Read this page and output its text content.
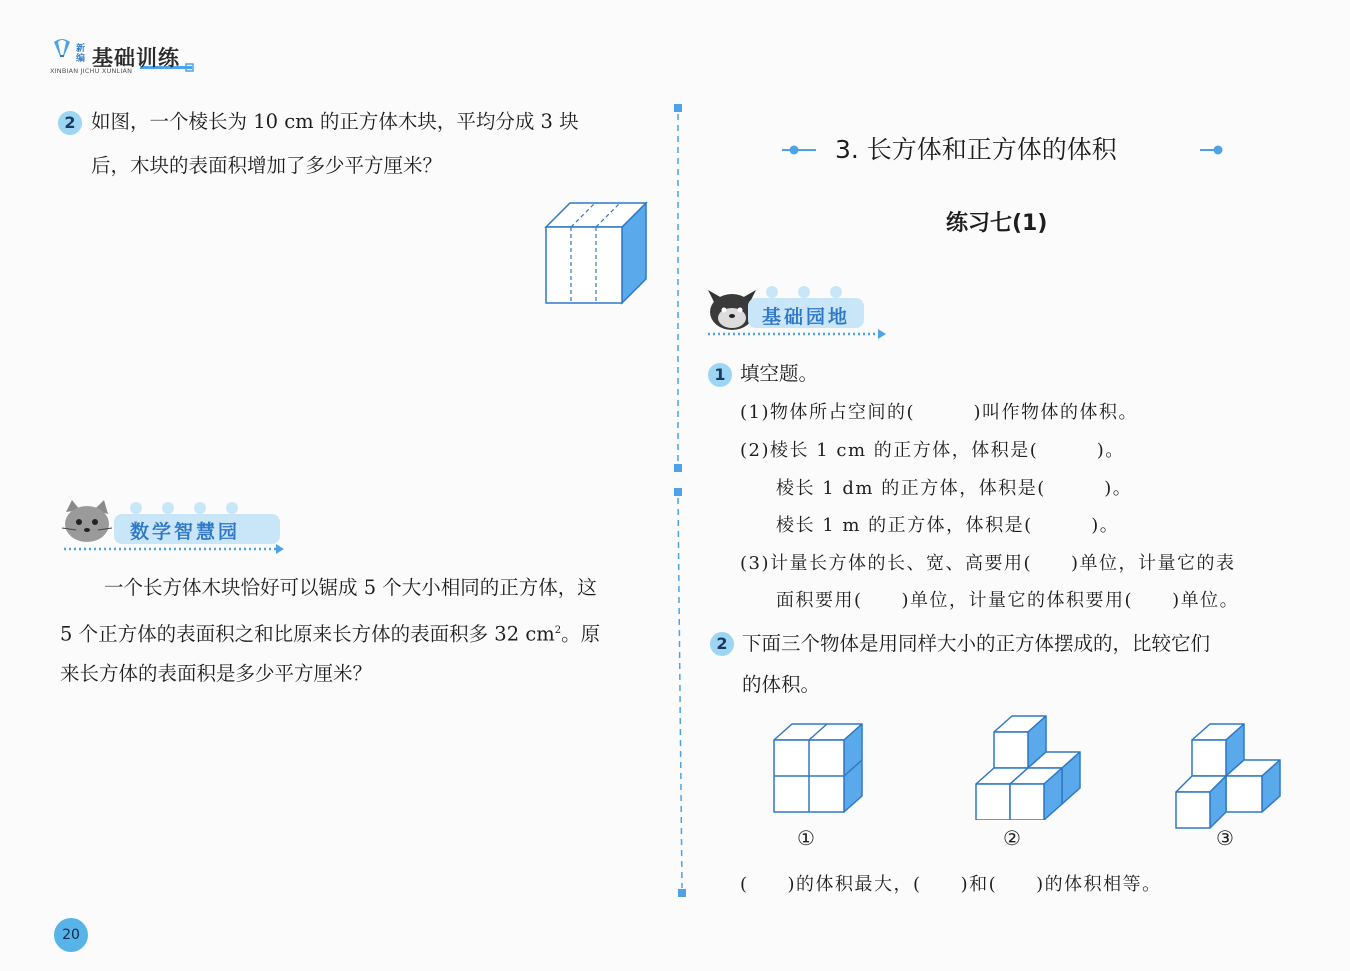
新编 基础训练
XINBIAN JICHU XUNLIAN
2 如图，一个棱长为 10 cm 的正方体木块，平均分成 3 块
后，木块的表面积增加了多少平方厘米？
数学智慧园
一个长方体木块恰好可以锯成 5 个大小相同的正方体，这
5 个正方体的表面积之和比原来长方体的表面积多 32 $cm^2$。原
来长方体的表面积是多少平方厘米？
20
3. 长方体和正方体的体积
练习七(1)
基础园地
1 填空题。
(1)物体所占空间的(　　　)叫作物体的体积。
(2)棱长 1 cm 的正方体，体积是(　　　)。
棱长 1 dm 的正方体，体积是(　　　)。
棱长 1 m 的正方体，体积是(　　　)。
(3)计量长方体的长、宽、高要用(　　)单位，计量它的表
面积要用(　　)单位，计量它的体积要用(　　)单位。
2 下面三个物体是用同样大小的正方体摆成的，比较它们
的体积。
①	②	③
(　　)的体积最大，(　　)和(　　)的体积相等。
